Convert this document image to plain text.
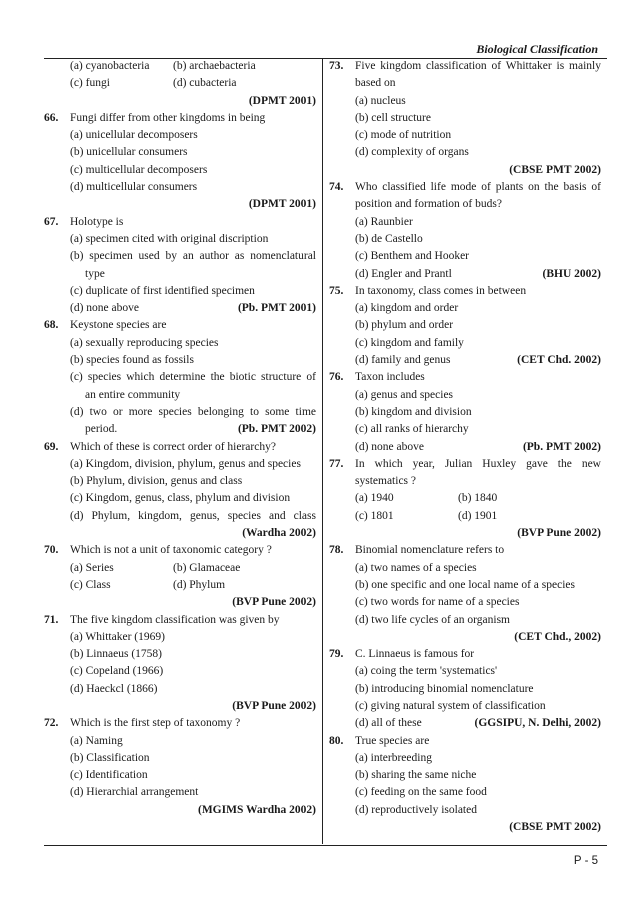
Biological Classification
(a) cyanobacteria (b) archaebacteria
(c) fungi	(d) cubacteria
(DPMT 2001)
66.	Fungi differ from other kingdoms in being
(a) unicellular decomposers
(b) unicellular consumers
(c) multicellular decomposers
(d) multicellular consumers
(DPMT 2001)
67.	Holotype is
(a) specimen cited with original discription
(b) specimen used by an author as nomenclatural
type
(c) duplicate of first identified specimen
(d) none above	(Pb. PMT 2001)
68.	Keystone species are
(a) sexually reproducing species
(b) species found as fossils
(c) species which determine the biotic structure of
an entire community
(d) two or more species belonging to some time
period.	(Pb. PMT 2002)
69.	Which of these is correct order of hierarchy?
(a) Kingdom, division, phylum, genus and species
(b) Phylum, division, genus and class
(c) Kingdom, genus, class, phylum and division
(d) Phylum, kingdom, genus, species and class
(Wardha 2002)
70.	Which is not a unit of taxonomic category ?
(a) Series	(b) Glamaceae
(c) Class	(d) Phylum
(BVP Pune 2002)
71.	The five kingdom classification was given by
(a) Whittaker (1969)
(b) Linnaeus (1758)
(c) Copeland (1966)
(d) Haeckcl (1866)
(BVP Pune 2002)
72.	Which is the first step of taxonomy ?
(a) Naming
(b) Classification
(c) Identification
(d) Hierarchial arrangement
(MGIMS Wardha 2002)
73.	Five kingdom classification of Whittaker is mainly
based on
(a) nucleus
(b) cell structure
(c) mode of nutrition
(d) complexity of organs
(CBSE PMT 2002)
74.	Who classified life mode of plants on the basis of
position and formation of buds?
(a) Raunbier
(b) de Castello
(c) Benthem and Hooker
(d) Engler and Prantl	(BHU 2002)
75.	In taxonomy, class comes in between
(a) kingdom and order
(b) phylum and order
(c) kingdom and family
(d) family and genus	(CET Chd. 2002)
76.	Taxon includes
(a) genus and species
(b) kingdom and division
(c) all ranks of hierarchy
(d) none above	(Pb. PMT 2002)
77.	In which year, Julian Huxley gave the new
systematics ?
(a) 1940	(b) 1840
(c) 1801	(d) 1901
(BVP Pune 2002)
78.	Binomial nomenclature refers to
(a) two names of a species
(b) one specific and one local name of a species
(c) two words for name of a species
(d) two life cycles of an organism
(CET Chd., 2002)
79.	C. Linnaeus is famous for
(a) coing the term 'systematics'
(b) introducing binomial nomenclature
(c) giving natural system of classification
(d) all of these	(GGSIPU, N. Delhi, 2002)
80.	True species are
(a) interbreeding
(b) sharing the same niche
(c) feeding on the same food
(d) reproductively isolated
(CBSE PMT 2002)
P - 5
